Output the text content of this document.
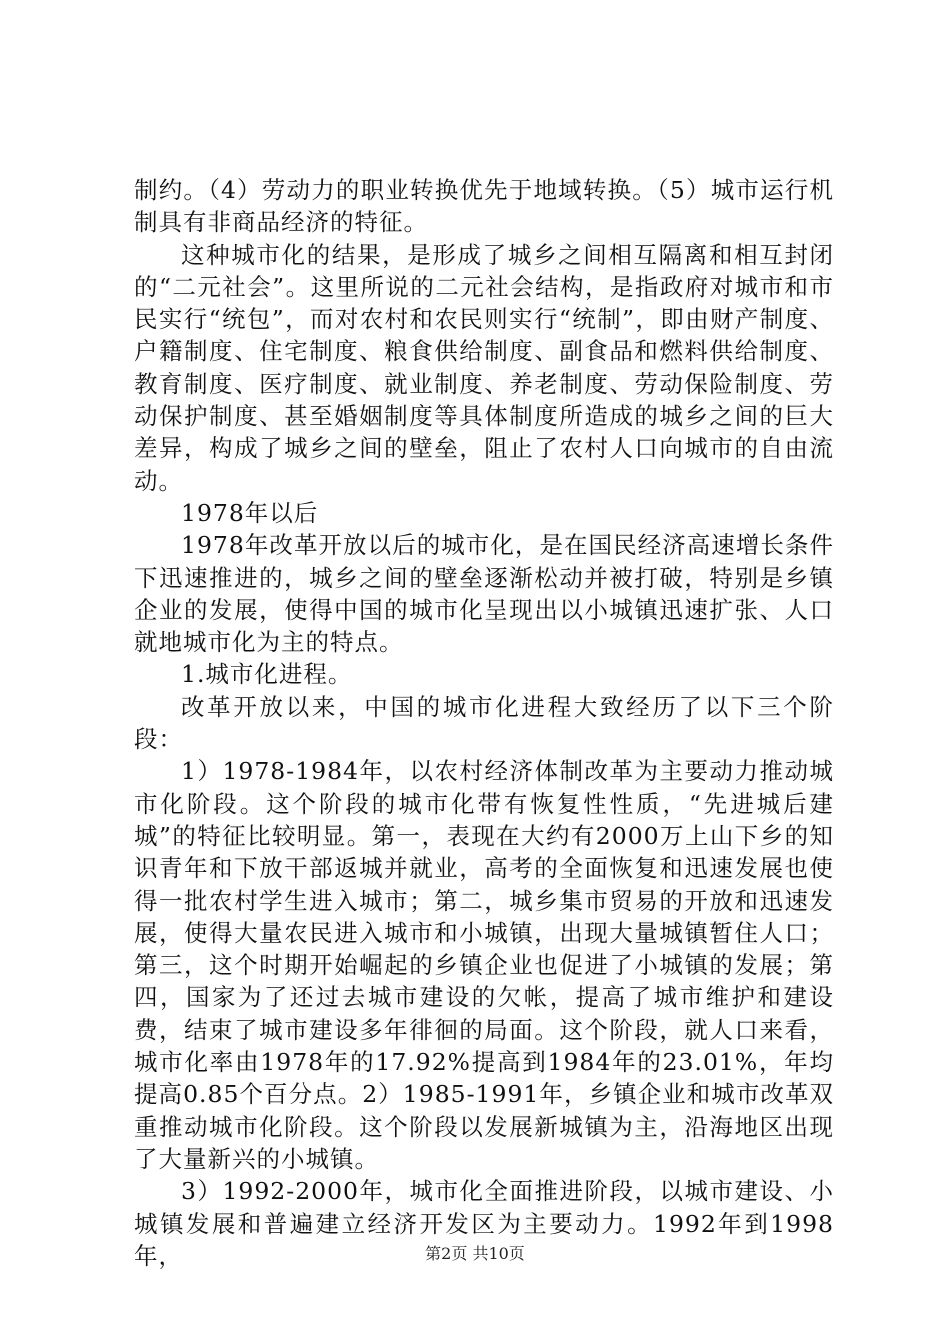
制约。（4）劳动力的职业转换优先于地域转换。（5）城市运行机制具有非商品经济的特征。

这种城市化的结果，是形成了城乡之间相互隔离和相互封闭的“二元社会”。这里所说的二元社会结构，是指政府对城市和市民实行“统包”，而对农村和农民则实行“统制”，即由财产制度、户籍制度、住宅制度、粮食供给制度、副食品和燃料供给制度、教育制度、医疗制度、就业制度、养老制度、劳动保险制度、劳动保护制度、甚至婚姻制度等具体制度所造成的城乡之间的巨大差异，构成了城乡之间的壁垒，阻止了农村人口向城市的自由流动。

1978年以后

1978年改革开放以后的城市化，是在国民经济高速增长条件下迅速推进的，城乡之间的壁垒逐渐松动并被打破，特别是乡镇企业的发展，使得中国的城市化呈现出以小城镇迅速扩张、人口就地城市化为主的特点。

1.城市化进程。

改革开放以来，中国的城市化进程大致经历了以下三个阶段：

1）1978-1984年，以农村经济体制改革为主要动力推动城市化阶段。这个阶段的城市化带有恢复性性质，“先进城后建城”的特征比较明显。第一，表现在大约有2000万上山下乡的知识青年和下放干部返城并就业，高考的全面恢复和迅速发展也使得一批农村学生进入城市；第二，城乡集市贸易的开放和迅速发展，使得大量农民进入城市和小城镇，出现大量城镇暂住人口；第三，这个时期开始崛起的乡镇企业也促进了小城镇的发展；第四，国家为了还过去城市建设的欠帐，提高了城市维护和建设费，结束了城市建设多年徘徊的局面。这个阶段，就人口来看，城市化率由1978年的17.92%提高到1984年的23.01%，年均提高0.85个百分点。2）1985-1991年，乡镇企业和城市改革双重推动城市化阶段。这个阶段以发展新城镇为主，沿海地区出现了大量新兴的小城镇。

3）1992-2000年，城市化全面推进阶段，以城市建设、小城镇发展和普遍建立经济开发区为主要动力。1992年到1998年，	第2页 共10页
